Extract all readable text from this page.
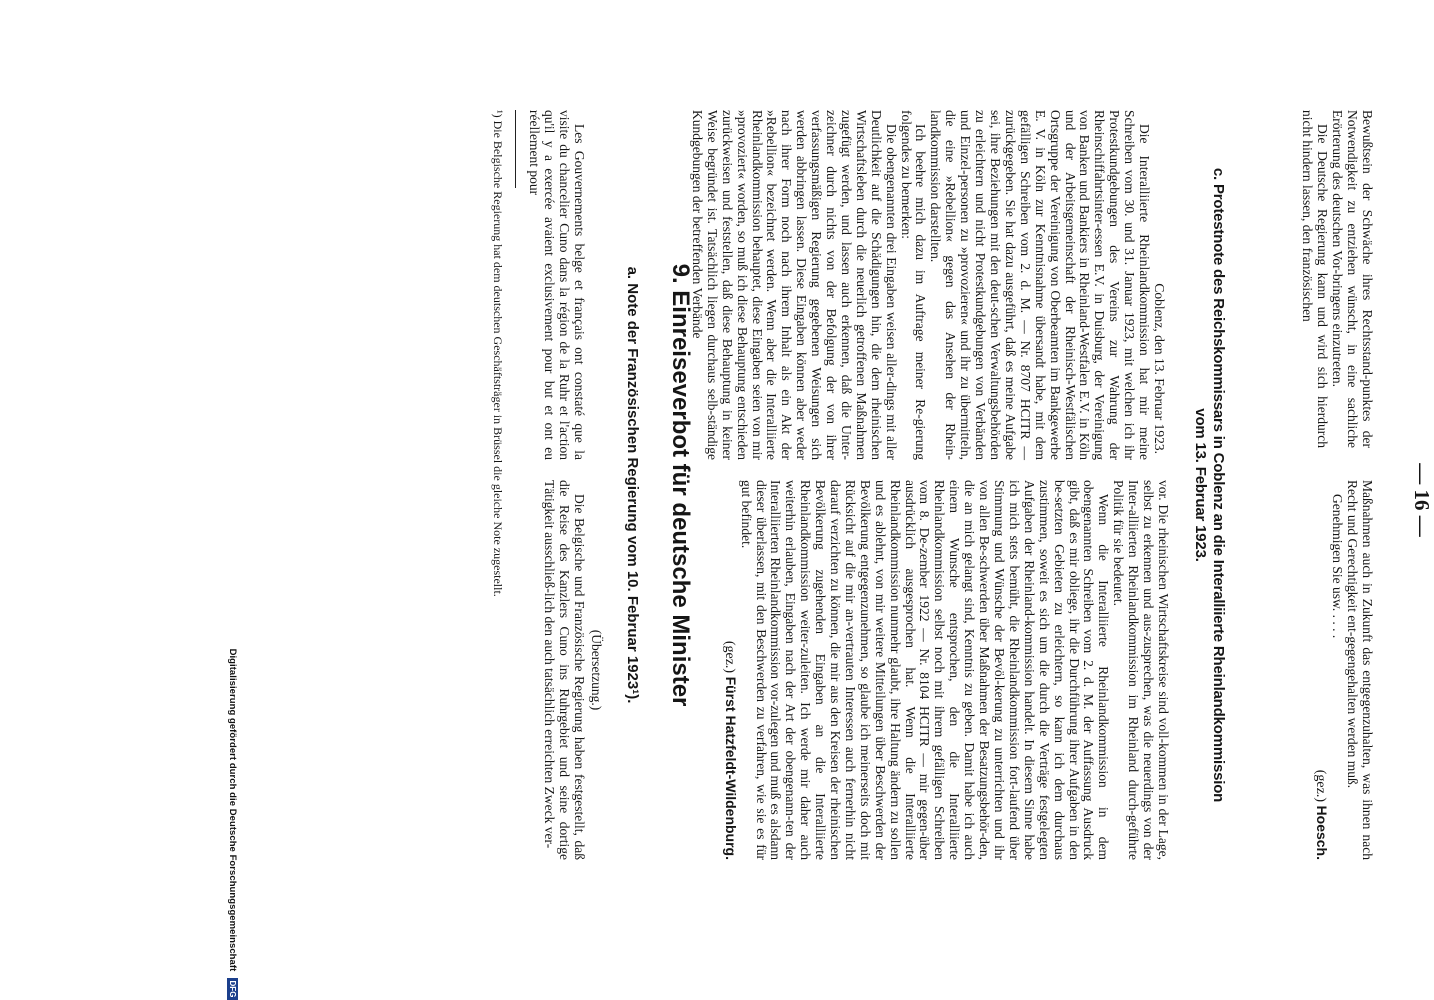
— 16 —

Bewußtsein der Schwäche ihres Rechtsstand-punktes der Notwendigkeit zu entziehen wünscht, in eine sachliche Erörterung des deutschen Vor-bringens einzutreten.

Die Deutsche Regierung kann und wird sich hierdurch nicht hindern lassen, den französischen

Maßnahmen auch in Zukunft das entgegenzuhalten, was ihnen nach Recht und Gerechtigkeit ent-gegengehalten werden muß.

Genehmigen Sie usw. . . . .

(gez.) Hoesch.

c. Protestnote des Reichskommissars in Coblenz an die Interalliierte Rheinlandkommission
vom 13. Februar 1923.

Coblenz, den 13. Februar 1923.

Die Interalliierte Rheinlandkommission hat mir meine Schreiben vom 30. und 31. Januar 1923, mit welchen ich ihr Protestkundgebungen des Vereins zur Wahrung der Rheinschiffahrtsinter-essen E.V. in Duisburg, der Vereinigung von Banken und Bankiers in Rheinland-Westfalen E.V. in Köln und der Arbeitsgemeinschaft der Rheinisch-Westfälischen Ortsgruppe der Vereinigung von Oberbeamten im Bankgewerbe E. V. in Köln zur Kenntnisnahme übersandt habe, mit dem gefälligen Schreiben vom 2. d. M. — Nr. 8707 HCITR — zurückgegeben. Sie hat dazu ausgeführt, daß es meine Aufgabe sei, ihre Beziehungen mit den deut-schen Verwaltungsbehörden zu erleichtern und nicht Protestkundgebungen von Verbänden und Einzel-personen zu »provozieren« und ihr zu übermitteln, die eine »Rebellion« gegen das Ansehen der Rhein-landkommission darstellten.

Ich beehre mich dazu im Auftrage meiner Re-gierung folgendes zu bemerken:

Die obengenannten drei Eingaben weisen aller-dings mit aller Deutlichkeit auf die Schädigungen hin, die dem rheinischen Wirtschaftsleben durch die neuerlich getroffenen Maßnahmen zugefügt werden, und lassen auch erkennen, daß die Unter-zeichner durch nichts von der Befolgung der von ihrer verfassungsmäßigen Regierung gegebenen Weisungen sich werden abbringen lassen. Diese Eingaben können aber weder nach ihrer Form noch nach ihrem Inhalt als ein Akt der »Rebellion« bezeichnet werden. Wenn aber die Interalliierte Rheinlandkommission behauptet, diese Eingaben seien von mir »provoziert« worden, so muß ich diese Behauptung entschieden zurückweisen und feststellen, daß diese Behauptung in keiner Weise begründet ist. Tatsächlich liegen durchaus selb-ständige Kundgebungen der betreffenden Verbände

vor. Die rheinischen Wirtschaftskreise sind voll-kommen in der Lage, selbst zu erkennen und aus-zusprechen, was die neuerdings von der Inter-alliierten Rheinlandkommission im Rheinland durch-geführte Politik für sie bedeutet.

Wenn die Interalliierte Rheinlandkommission in dem obengenannten Schreiben vom 2. d. M. der Auffassung Ausdruck gibt, daß es mir obliege, ihr die Durchführung ihrer Aufgaben in den be-setzten Gebieten zu erleichtern, so kann ich dem durchaus zustimmen, soweit es sich um die durch die Verträge festgelegten Aufgaben der Rheinland-kommission handelt. In diesem Sinne habe ich mich stets bemüht, die Rheinlandkommission fort-laufend über Stimmung und Wünsche der Bevöl-kerung zu unterrichten und ihr von allen Be-schwerden über Maßnahmen der Besatzungsbehör-den, die an mich gelangt sind, Kenntnis zu geben. Damit habe ich auch einem Wunsche entsprochen, den die Interalliierte Rheinlandkommission selbst noch mit ihrem gefälligen Schreiben vom 8. De-zember 1922 — Nr. 8104 HCITR — mir gegen-über ausdrücklich ausgesprochen hat. Wenn die Interalliierte Rheinlandkommission nunmehr glaubt, ihre Haltung ändern zu sollen und es ablehnt, von mir weitere Mitteilungen über Beschwerden der Bevölkerung entgegenzunehmen, so glaube ich meinerseits doch mit Rücksicht auf die mir an-vertrauten Interessen auch fernerhin nicht darauf verzichten zu können, die mir aus den Kreisen der rheinischen Bevölkerung zugehenden Eingaben an die Interalliierte Rheinlandkommission weiter-zuleiten. Ich werde mir daher auch weiterhin erlauben, Eingaben nach der Art der obengenann-ten der Interalliierten Rheinlandkommission vor-zulegen und muß es alsdann dieser überlassen, mit den Beschwerden zu verfahren, wie sie es für gut befindet.

(gez.) Fürst Hatzfeldt-Wildenburg.

9. Einreiseverbot für deutsche Minister
a. Note der Französischen Regierung vom 10. Februar 1923¹).
(Übersetzung.)

Les Gouvernements belge et français ont constaté que la visite du chancelier Cuno dans la région de la Ruhr et l'action qu'il y a exercée avaient exclusivement pour but et ont eu réellement pour

Die Belgische und Französische Regierung haben festgestellt, daß die Reise des Kanzlers Cuno ins Ruhrgebiet und seine dortige Tätigkeit ausschließ-lich den auch tatsächlich erreichten Zweck ver-

¹) Die Belgische Regierung hat dem deutschen Geschäftsträger in Brüssel die gleiche Note zugestellt.
Digitalisierung gefördert durch die Deutsche Forschungsgemeinschaft DFG
